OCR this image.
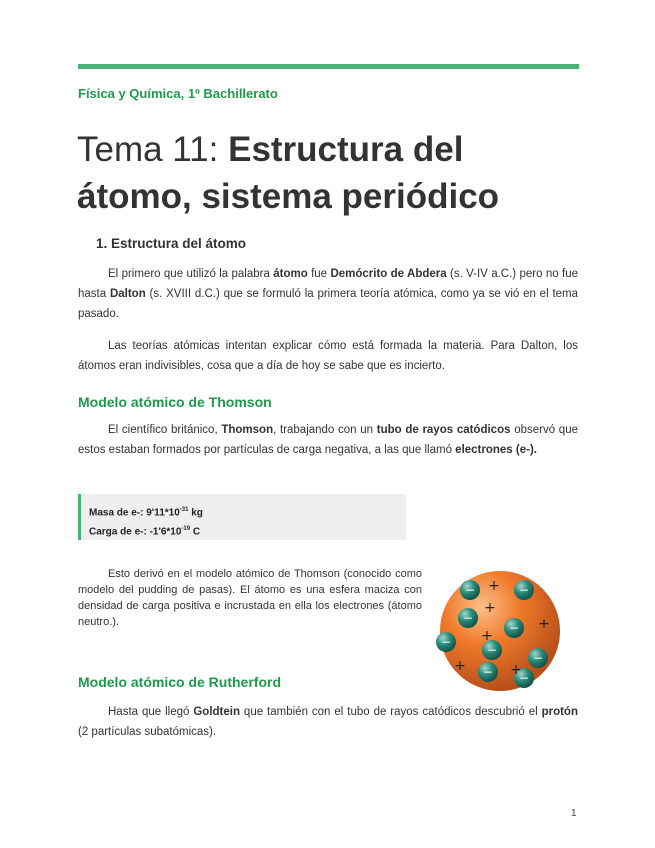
Física y Química, 1º Bachillerato
Tema 11: Estructura del átomo, sistema periódico
1. Estructura del átomo
El primero que utilizó la palabra átomo fue Demócrito de Abdera (s. V-IV a.C.) pero no fue hasta Dalton (s. XVIII d.C.) que se formuló la primera teoría atómica, como ya se vió en el tema pasado.
Las teorías atómicas intentan explicar cómo está formada la materia. Para Dalton, los átomos eran indivisibles, cosa que a día de hoy se sabe que es incierto.
Modelo atómico de Thomson
El científico británico, Thomson, trabajando con un tubo de rayos catódicos observó que estos estaban formados por partículas de carga negativa, a las que llamó electrones (e-).
Masa de e-: $9'11*10^{-31}$ kg
Carga de e-: $-1'6*10^{-19}$ C
Esto derivó en el modelo atómico de Thomson (conocido como modelo del pudding de pasas). El átomo es una esfera maciza con densidad de carga positiva e incrustada en ella los electrones (átomo neutro.).
−	−
−
−
−
−
−
− −
+
+
+
+
+
+
Modelo atómico de Rutherford
Hasta que llegó Goldtein que también con el tubo de rayos catódicos descubrió el protón (2 partículas subatómicas).
1
